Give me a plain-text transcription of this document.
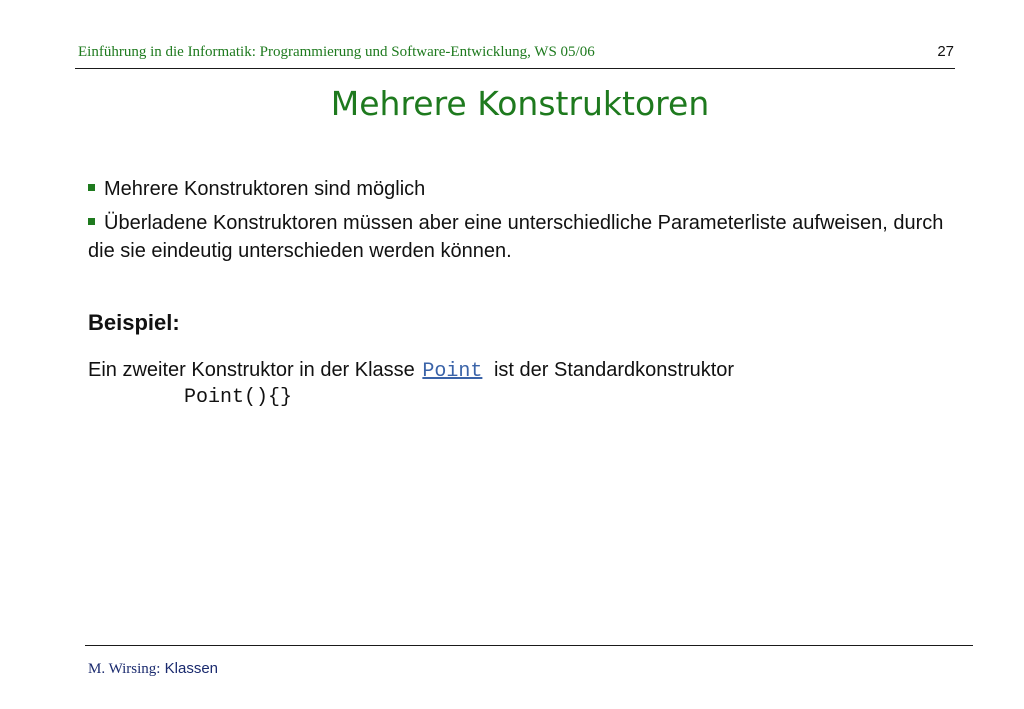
Einführung in die Informatik: Programmierung und Software-Entwicklung, WS 05/06	27
Mehrere Konstruktoren
Mehrere Konstruktoren sind möglich
Überladene Konstruktoren müssen aber eine unterschiedliche Parameterliste aufweisen, durch die sie eindeutig unterschieden werden können.
Beispiel:
Ein zweiter Konstruktor in der Klasse Point ist der Standardkonstruktor
Point(){}
M. Wirsing: Klassen
